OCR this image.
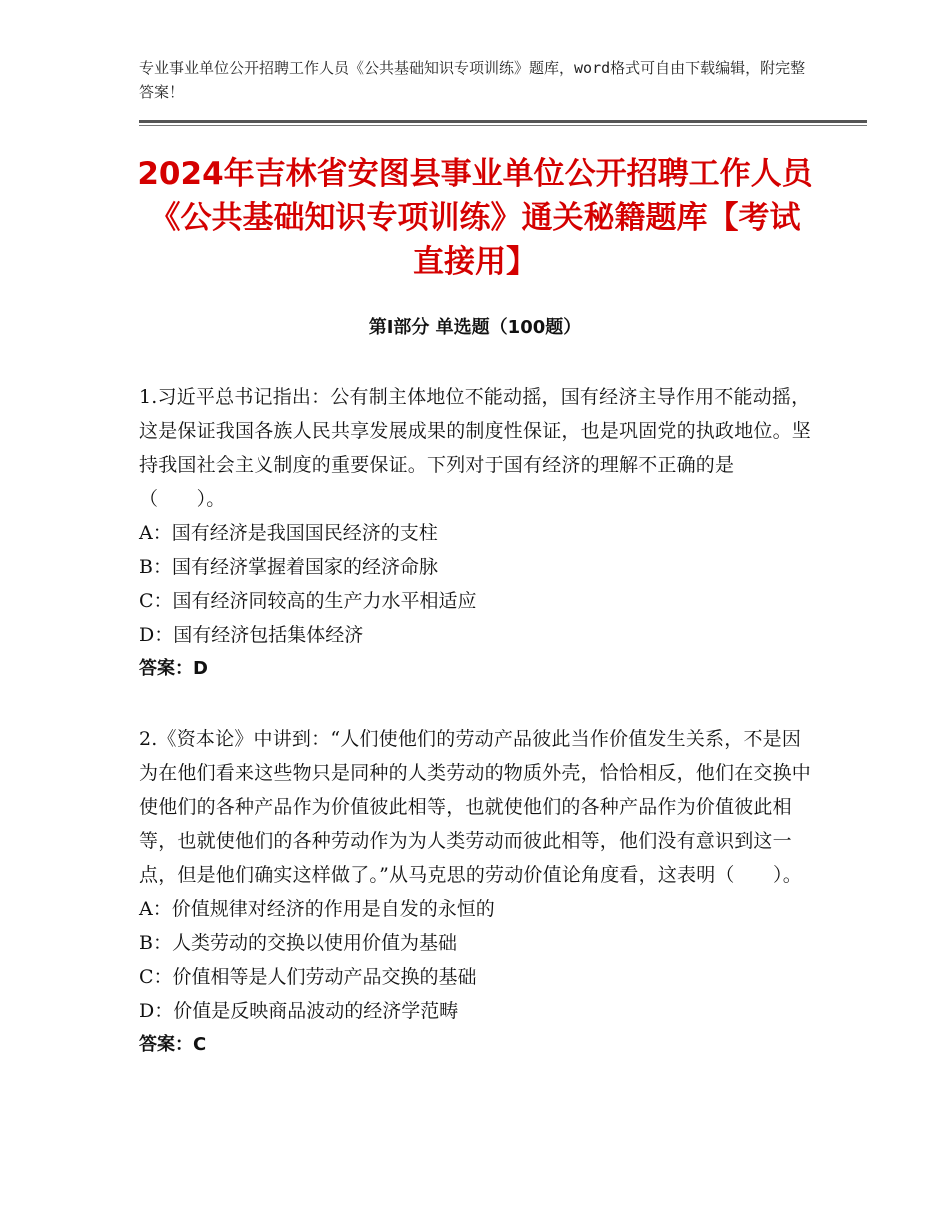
专业事业单位公开招聘工作人员《公共基础知识专项训练》题库，word格式可自由下载编辑，附完整答案！
2024年吉林省安图县事业单位公开招聘工作人员《公共基础知识专项训练》通关秘籍题库【考试直接用】
第Ⅰ部分 单选题（100题）

1.习近平总书记指出：公有制主体地位不能动摇，国有经济主导作用不能动摇，这是保证我国各族人民共享发展成果的制度性保证，也是巩固党的执政地位。坚持我国社会主义制度的重要保证。下列对于国有经济的理解不正确的是（　　）。

A：国有经济是我国国民经济的支柱

B：国有经济掌握着国家的经济命脉

C：国有经济同较高的生产力水平相适应

D：国有经济包括集体经济

答案：D

2.《资本论》中讲到：“人们使他们的劳动产品彼此当作价值发生关系，不是因为在他们看来这些物只是同种的人类劳动的物质外壳，恰恰相反，他们在交换中使他们的各种产品作为价值彼此相等，也就使他们的各种产品作为价值彼此相等，也就使他们的各种劳动作为为人类劳动而彼此相等，他们没有意识到这一点，但是他们确实这样做了。”从马克思的劳动价值论角度看，这表明（　　）。

A：价值规律对经济的作用是自发的永恒的

B：人类劳动的交换以使用价值为基础

C：价值相等是人们劳动产品交换的基础

D：价值是反映商品波动的经济学范畴

答案：C
